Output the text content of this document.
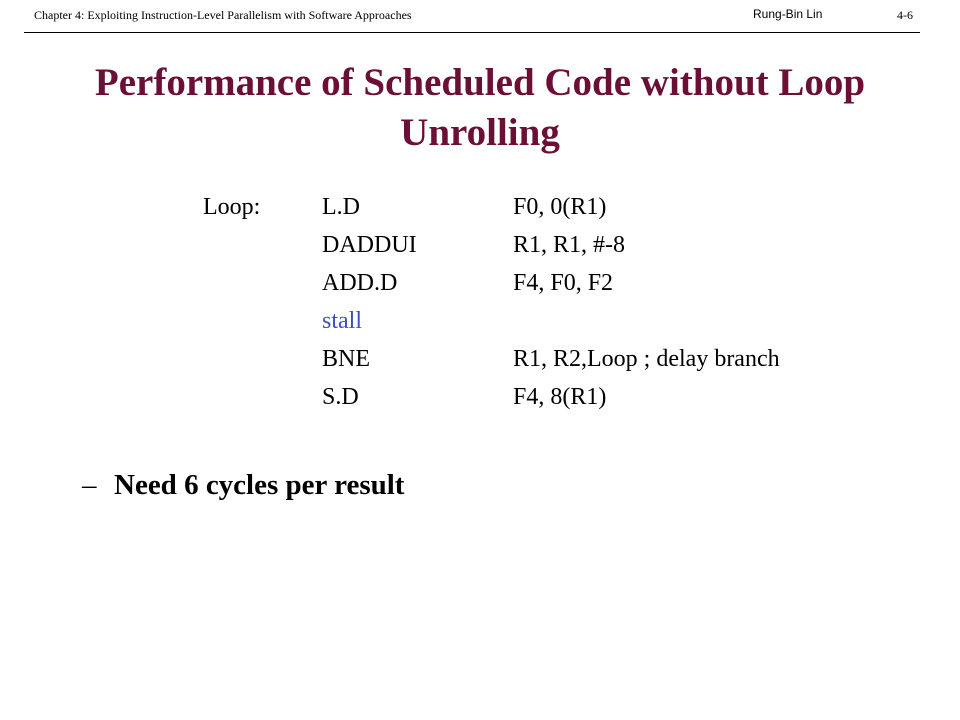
Chapter 4: Exploiting Instruction-Level Parallelism with Software Approaches	Rung-Bin Lin	4-6
Performance of Scheduled Code without Loop Unrolling
Loop:	L.D	F0, 0(R1)
DADDUI	R1, R1, #-8
ADD.D	F4, F0, F2
stall
BNE	R1, R2,Loop ; delay branch
S.D	F4, 8(R1)
– Need 6 cycles per result
